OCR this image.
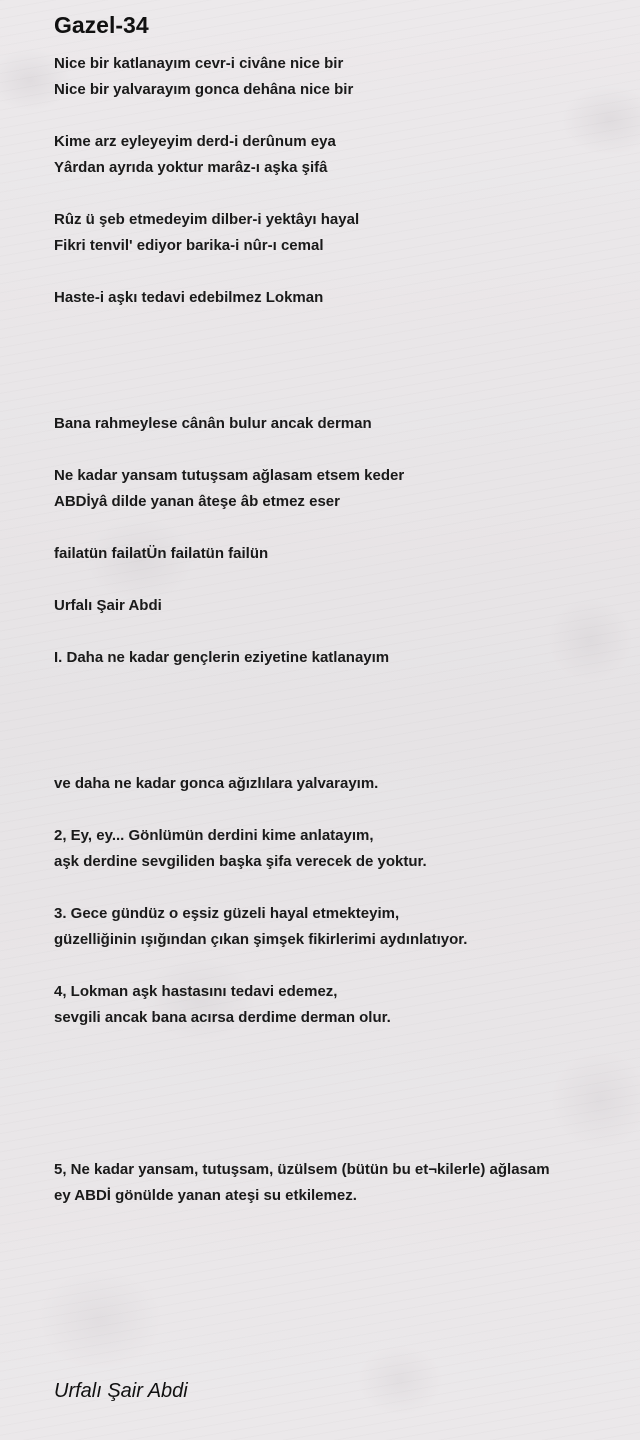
Gazel-34

Nice bir katlanayım cevr-i civâne nice bir

Nice bir yalvarayım gonca dehâna nice bir

Kime arz eyleyeyim derd-i derûnum eya

Yârdan ayrıda yoktur marâz-ı aşka şifâ

Rûz ü şeb etmedeyim dilber-i yektâyı hayal

Fikri tenvil' ediyor barika-i nûr-ı cemal

Haste-i aşkı tedavi edebilmez Lokman

Bana rahmeylese cânân bulur ancak derman

Ne kadar yansam tutuşsam ağlasam etsem keder

ABDİyâ dilde yanan âteşe âb etmez eser

failatün failatÜn failatün failün

Urfalı Şair Abdi

I. Daha ne kadar gençlerin eziyetine katlanayım

ve daha ne kadar gonca ağızlılara yalvarayım.

2, Ey, ey... Gönlümün derdini kime anlatayım,

aşk derdine sevgiliden başka şifa verecek de yoktur.

3. Gece gündüz o eşsiz güzeli hayal etmekteyim,

güzelliğinin ışığından çıkan şimşek fikirlerimi aydınlatıyor.

4, Lokman aşk hastasını tedavi edemez,

sevgili ancak bana acırsa derdime derman olur.

5, Ne kadar yansam, tutuşsam, üzülsem (bütün bu et¬kilerle) ağlasam

ey ABDİ gönülde yanan ateşi su etkilemez.

Urfalı Şair Abdi
